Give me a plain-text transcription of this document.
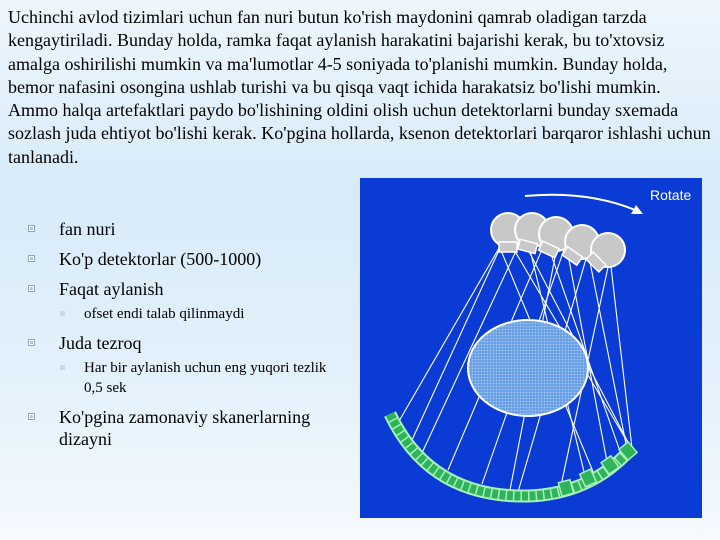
Uchinchi avlod tizimlari uchun fan nuri butun ko'rish maydonini qamrab oladigan tarzda kengaytiriladi. Bunday holda, ramka faqat aylanish harakatini bajarishi kerak, bu to'xtovsiz amalga oshirilishi mumkin va ma'lumotlar 4-5 soniyada to'planishi mumkin. Bunday holda, bemor nafasini osongina ushlab turishi va bu qisqa vaqt ichida harakatsiz bo'lishi mumkin. Ammo halqa artefaktlari paydo bo'lishining oldini olish uchun detektorlarni bunday sxemada sozlash juda ehtiyot bo'lishi kerak. Ko'pgina hollarda, ksenon detektorlari barqaror ishlashi uchun tanlanadi.

fan nuri
Ko'p detektorlar (500-1000)
Faqat aylanish
ofset endi talab qilinmaydi
Juda tezroq
Har bir aylanish uchun eng yuqori tezlik 0,5 sek
Ko'pgina zamonaviy skanerlarning dizayni
Rotate
